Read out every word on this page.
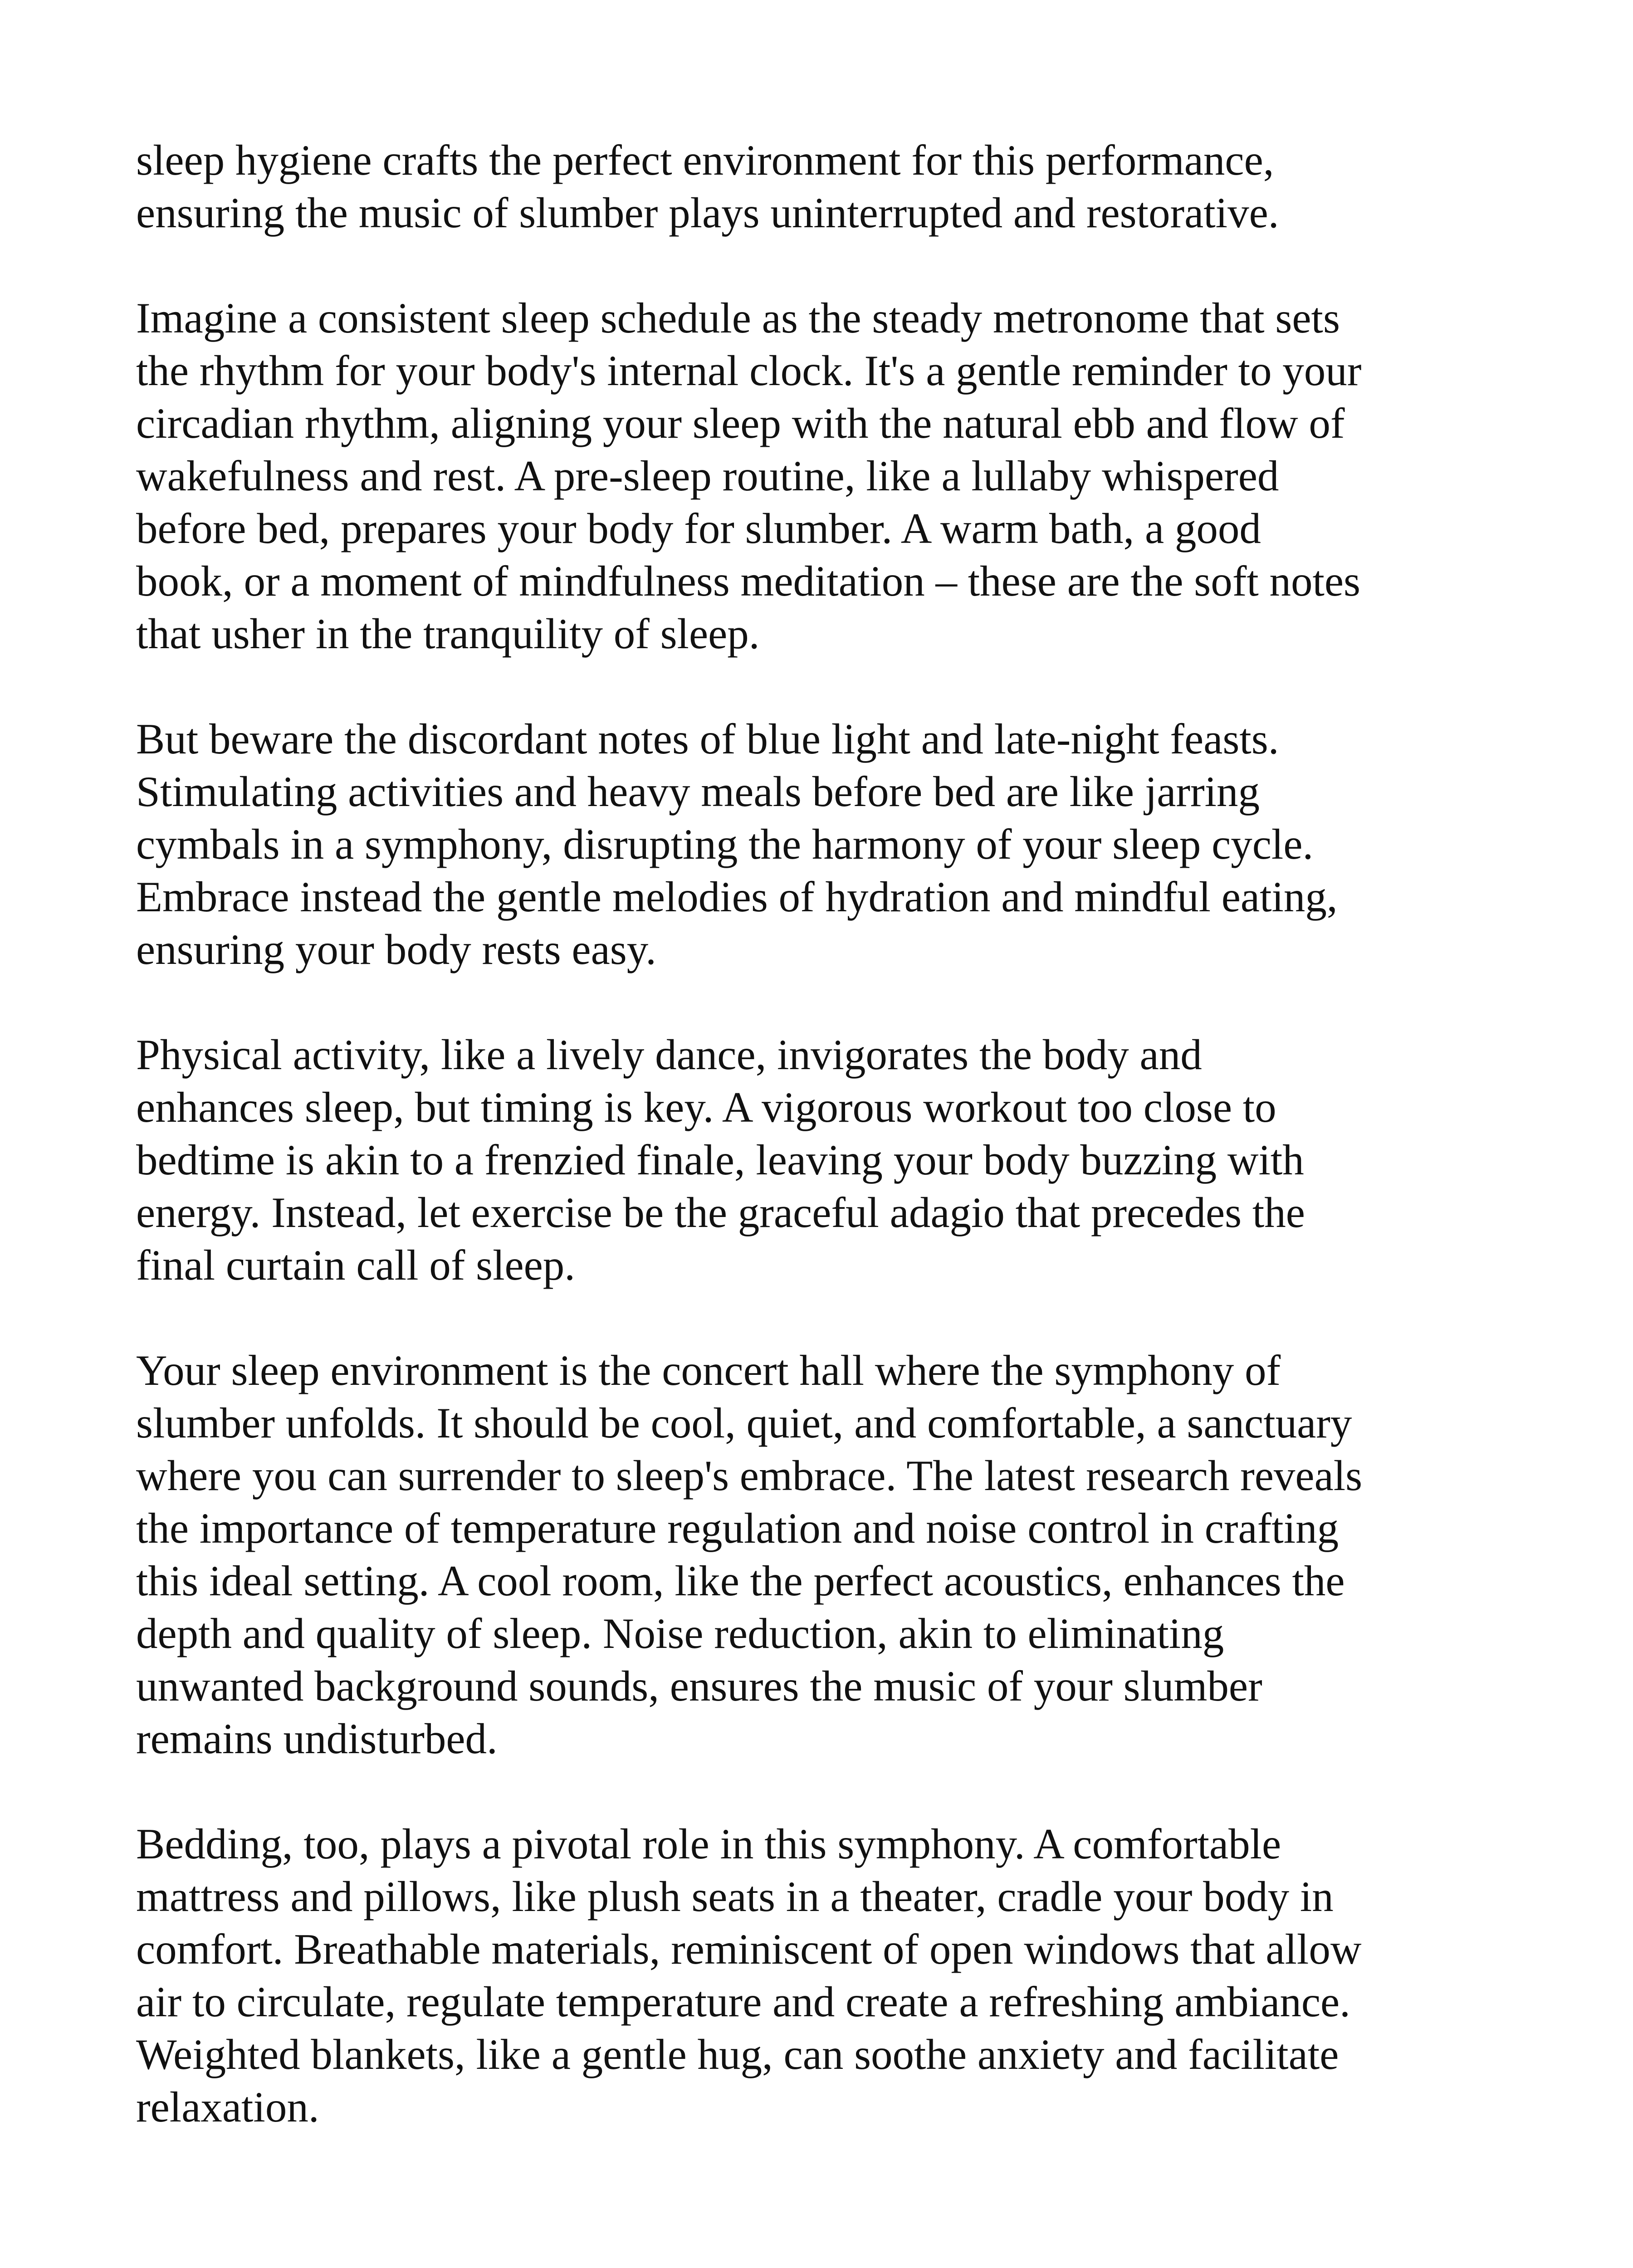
sleep hygiene crafts the perfect environment for this performance,
ensuring the music of slumber plays uninterrupted and restorative.

Imagine a consistent sleep schedule as the steady metronome that sets
the rhythm for your body's internal clock. It's a gentle reminder to your
circadian rhythm, aligning your sleep with the natural ebb and flow of
wakefulness and rest. A pre-sleep routine, like a lullaby whispered
before bed, prepares your body for slumber. A warm bath, a good
book, or a moment of mindfulness meditation – these are the soft notes
that usher in the tranquility of sleep.

But beware the discordant notes of blue light and late-night feasts.
Stimulating activities and heavy meals before bed are like jarring
cymbals in a symphony, disrupting the harmony of your sleep cycle.
Embrace instead the gentle melodies of hydration and mindful eating,
ensuring your body rests easy.

Physical activity, like a lively dance, invigorates the body and
enhances sleep, but timing is key. A vigorous workout too close to
bedtime is akin to a frenzied finale, leaving your body buzzing with
energy. Instead, let exercise be the graceful adagio that precedes the
final curtain call of sleep.

Your sleep environment is the concert hall where the symphony of
slumber unfolds. It should be cool, quiet, and comfortable, a sanctuary
where you can surrender to sleep's embrace. The latest research reveals
the importance of temperature regulation and noise control in crafting
this ideal setting. A cool room, like the perfect acoustics, enhances the
depth and quality of sleep. Noise reduction, akin to eliminating
unwanted background sounds, ensures the music of your slumber
remains undisturbed.

Bedding, too, plays a pivotal role in this symphony. A comfortable
mattress and pillows, like plush seats in a theater, cradle your body in
comfort. Breathable materials, reminiscent of open windows that allow
air to circulate, regulate temperature and create a refreshing ambiance.
Weighted blankets, like a gentle hug, can soothe anxiety and facilitate
relaxation.
